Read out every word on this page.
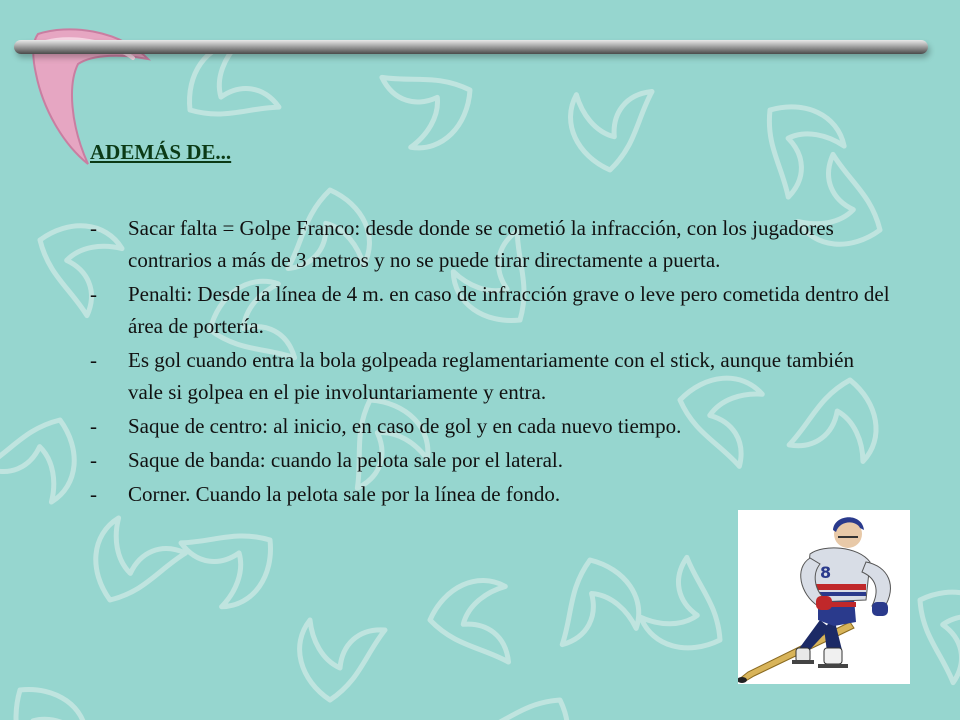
ADEMÁS DE...
- Sacar falta = Golpe Franco: desde donde se cometió la infracción, con los jugadores contrarios a más de 3 metros y no se puede tirar directamente a puerta.
- Penalti: Desde la línea de 4 m. en caso de infracción grave o leve pero cometida dentro del área de portería.
- Es gol cuando entra la bola golpeada reglamentariamente con el stick, aunque también vale si golpea en el pie involuntariamente y entra.
- Saque de centro: al inicio, en caso de gol y en cada nuevo tiempo.
- Saque de banda: cuando la pelota sale por el lateral.
- Corner. Cuando la pelota sale por la línea de fondo.
8
